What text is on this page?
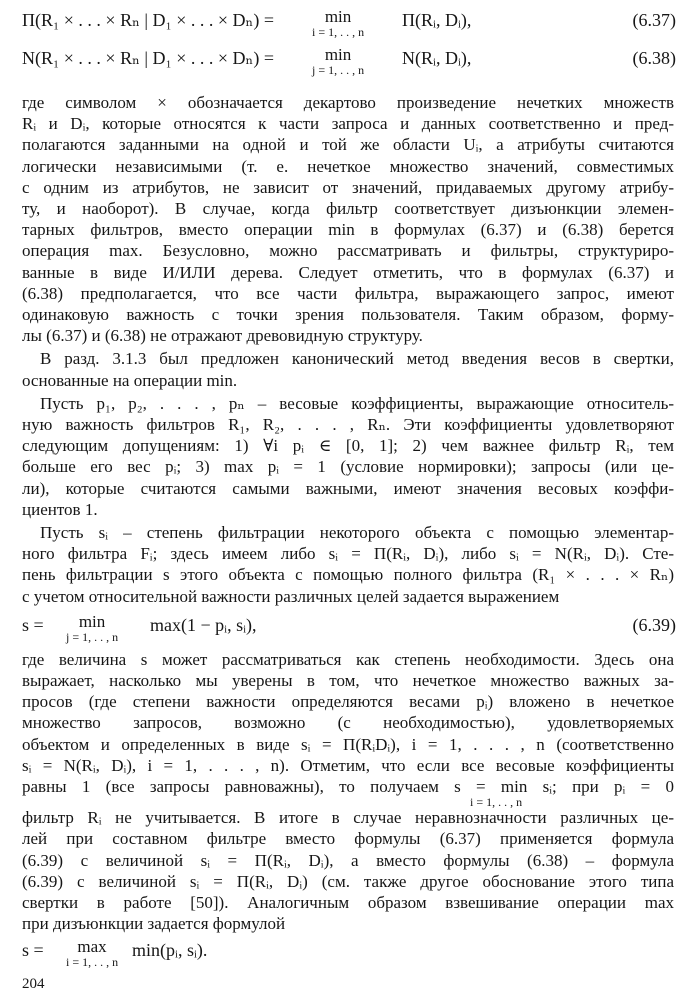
Π(R₁ × . . . × Rₙ | D₁ × . . . × Dₙ) =	min
i = 1, . . , n
Π(Rᵢ, Dᵢ),	(6.37)
N(R₁ × . . . × Rₙ | D₁ × . . . × Dₙ) =	min
j = 1, . . , n
N(Rᵢ, Dᵢ),	(6.38)
где символом × обозначается декартово произведение нечетких множеств
Rᵢ и Dᵢ, которые относятся к части запроса и данных соответственно и пред-
полагаются заданными на одной и той же области Uᵢ, а атрибуты считаются
логически независимыми (т. е. нечеткое множество значений, совместимых
с одним из атрибутов, не зависит от значений, придаваемых другому атрибу-
ту, и наоборот). В случае, когда фильтр соответствует дизъюнкции элемен-
тарных фильтров, вместо операции min в формулах (6.37) и (6.38) берется
операция max. Безусловно, можно рассматривать и фильтры, структуриро-
ванные в виде И/ИЛИ дерева. Следует отметить, что в формулах (6.37) и
(6.38) предполагается, что все части фильтра, выражающего запрос, имеют
одинаковую важность с точки зрения пользователя. Таким образом, форму-
лы (6.37) и (6.38) не отражают древовидную структуру.
В разд. 3.1.3 был предложен канонический метод введения весов в свертки,
основанные на операции min.
Пусть p₁, p₂, . . . , pₙ – весовые коэффициенты, выражающие относитель-
ную важность фильтров R₁, R₂, . . . , Rₙ. Эти коэффициенты удовлетворяют
следующим допущениям: 1) ∀i pᵢ ∈ [0, 1]; 2) чем важнее фильтр Rᵢ, тем
больше его вес pᵢ; 3) max pᵢ = 1 (условие нормировки); запросы (или це-
ли), которые считаются самыми важными, имеют значения весовых коэффи-
циентов 1.
Пусть sᵢ – степень фильтрации некоторого объекта с помощью элементар-
ного фильтра Fᵢ; здесь имеем либо sᵢ = Π(Rᵢ, Dᵢ), либо sᵢ = N(Rᵢ, Dᵢ). Сте-
пень фильтрации s этого объекта с помощью полного фильтра (R₁ × . . . × Rₙ)
с учетом относительной важности различных целей задается выражением
s =	min
j = 1, . . , n
max(1 − pᵢ, sᵢ),	(6.39)
где величина s может рассматриваться как степень необходимости. Здесь она
выражает, насколько мы уверены в том, что нечеткое множество важных за-
просов (где степени важности определяются весами pᵢ) вложено в нечеткое
множество запросов, возможно (с необходимостью), удовлетворяемых
объектом и определенных в виде sᵢ = Π(RᵢDᵢ), i = 1, . . . , n (соответственно
sᵢ = N(Rᵢ, Dᵢ), i = 1, . . . , n). Отметим, что если все весовые коэффициенты
равны 1 (все запросы равноважны), то получаем s = min sᵢ; при pᵢ = 0
i = 1, . . , n
фильтр Rᵢ не учитывается. В итоге в случае неравнозначности различных це-
лей при составном фильтре вместо формулы (6.37) применяется формула
(6.39) с величиной sᵢ = Π(Rᵢ, Dᵢ), а вместо формулы (6.38) – формула
(6.39) с величиной sᵢ = Π(Rᵢ, Dᵢ) (см. также другое обоснование этого типа
свертки в работе [50]). Аналогичным образом взвешивание операции max
при дизъюнкции задается формулой
s =	max
i = 1, . . , n
min(pᵢ, sᵢ).
204
